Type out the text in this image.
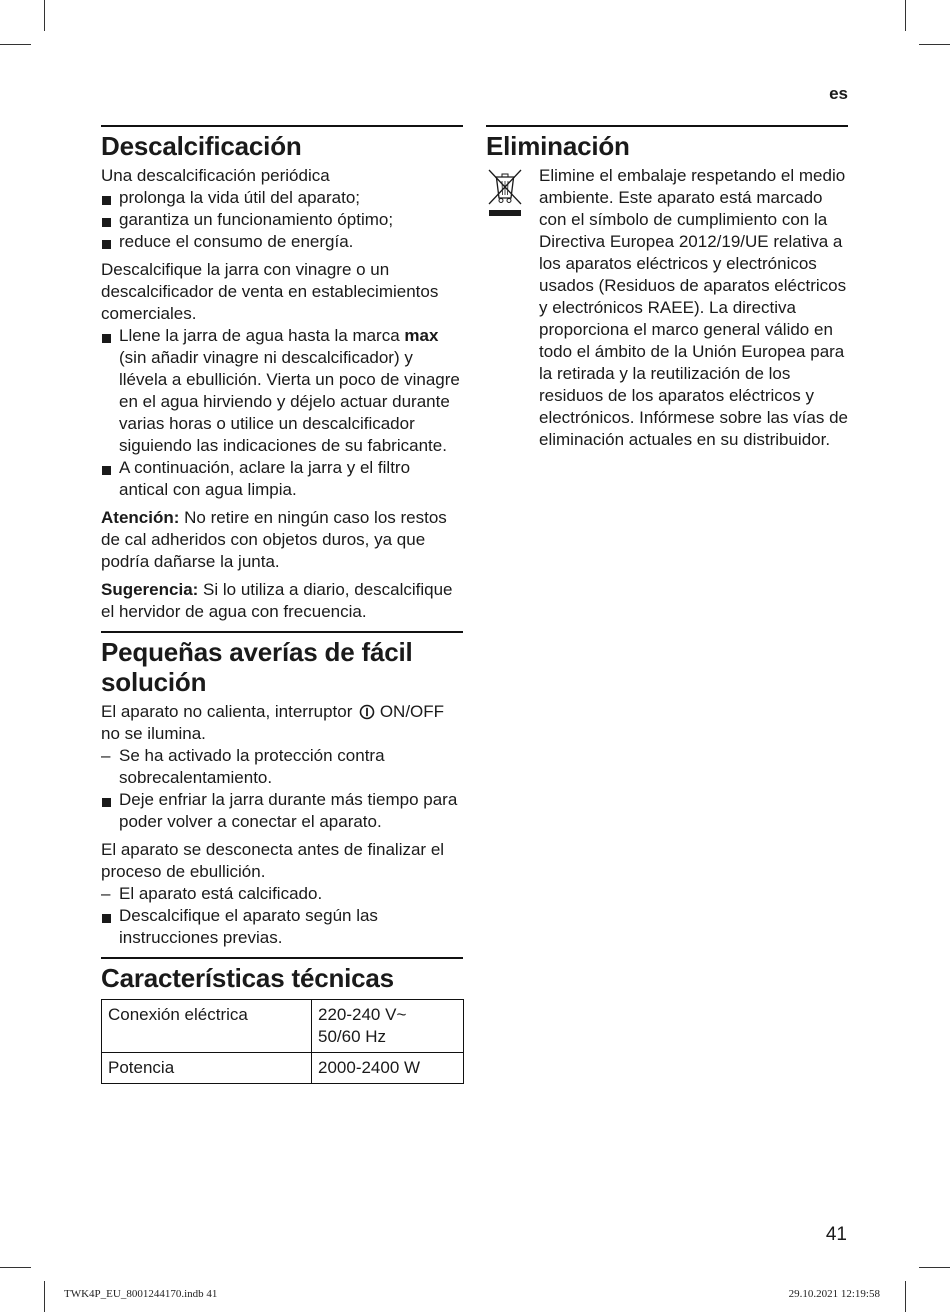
es
Descalcificación

Una descalcificación periódica

prolonga la vida útil del aparato;
garantiza un funcionamiento óptimo;
reduce el consumo de energía.

Descalcifique la jarra con vinagre o un descalcificador de venta en establecimientos comerciales.

Llene la jarra de agua hasta la marca max (sin añadir vinagre ni descalcificador) y llévela a ebullición. Vierta un poco de vinagre en el agua hirviendo y déjelo actuar durante varias horas o utilice un descalcificador siguiendo las indicaciones de su fabricante.
A continuación, aclare la jarra y el filtro antical con agua limpia.

Atención: No retire en ningún caso los restos de cal adheridos con objetos duros, ya que podría dañarse la junta.

Sugerencia: Si lo utiliza a diario, descalcifique el hervidor de agua con frecuencia.

Pequeñas averías de fácil solución

El aparato no calienta, interruptor  ON/OFF no se ilumina.

Se ha activado la protección contra sobrecalentamiento.
Deje enfriar la jarra durante más tiempo para poder volver a conectar el aparato.

El aparato se desconecta antes de finalizar el proceso de ebullición.

El aparato está calcificado.
Descalcifique el aparato según las instrucciones previas.
Características técnicas
Conexión eléctrica	220-240 V~
50/60 Hz

Potencia	2000-2400 W
Eliminación

Elimine el embalaje respetando el medio ambiente. Este aparato está marcado con el símbolo de cumplimiento con la Directiva Europea 2012/19/UE relativa a los aparatos eléctricos y electrónicos usados (Residuos de aparatos eléctricos y electrónicos RAEE). La directiva proporciona el marco general válido en todo el ámbito de la Unión Europea para la retirada y la reutilización de los residuos de los aparatos eléctricos y electrónicos. Infórmese sobre las vías de eliminación actuales en su distribuidor.

41
TWK4P_EU_8001244170.indb 41	29.10.2021 12:19:58
